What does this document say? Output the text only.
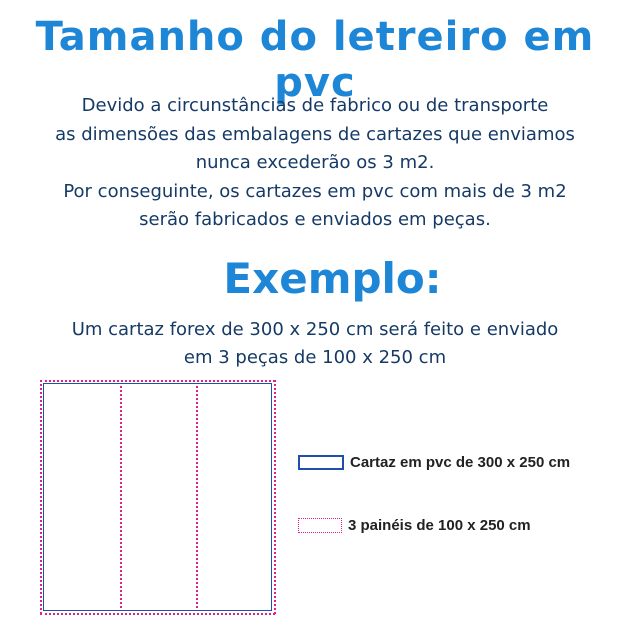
Tamanho do letreiro em pvc
Devido a circunstâncias de fabrico ou de transporte
as dimensões das embalagens de cartazes que enviamos
nunca excederão os 3 m2.
Por conseguinte, os cartazes em pvc com mais de 3 m2
serão fabricados e enviados em peças.
Exemplo:
Um cartaz forex de 300 x 250 cm será feito e enviado
em 3 peças de 100 x 250 cm
Cartaz em pvc de 300 x 250 cm
3 painéis de 100 x 250 cm
